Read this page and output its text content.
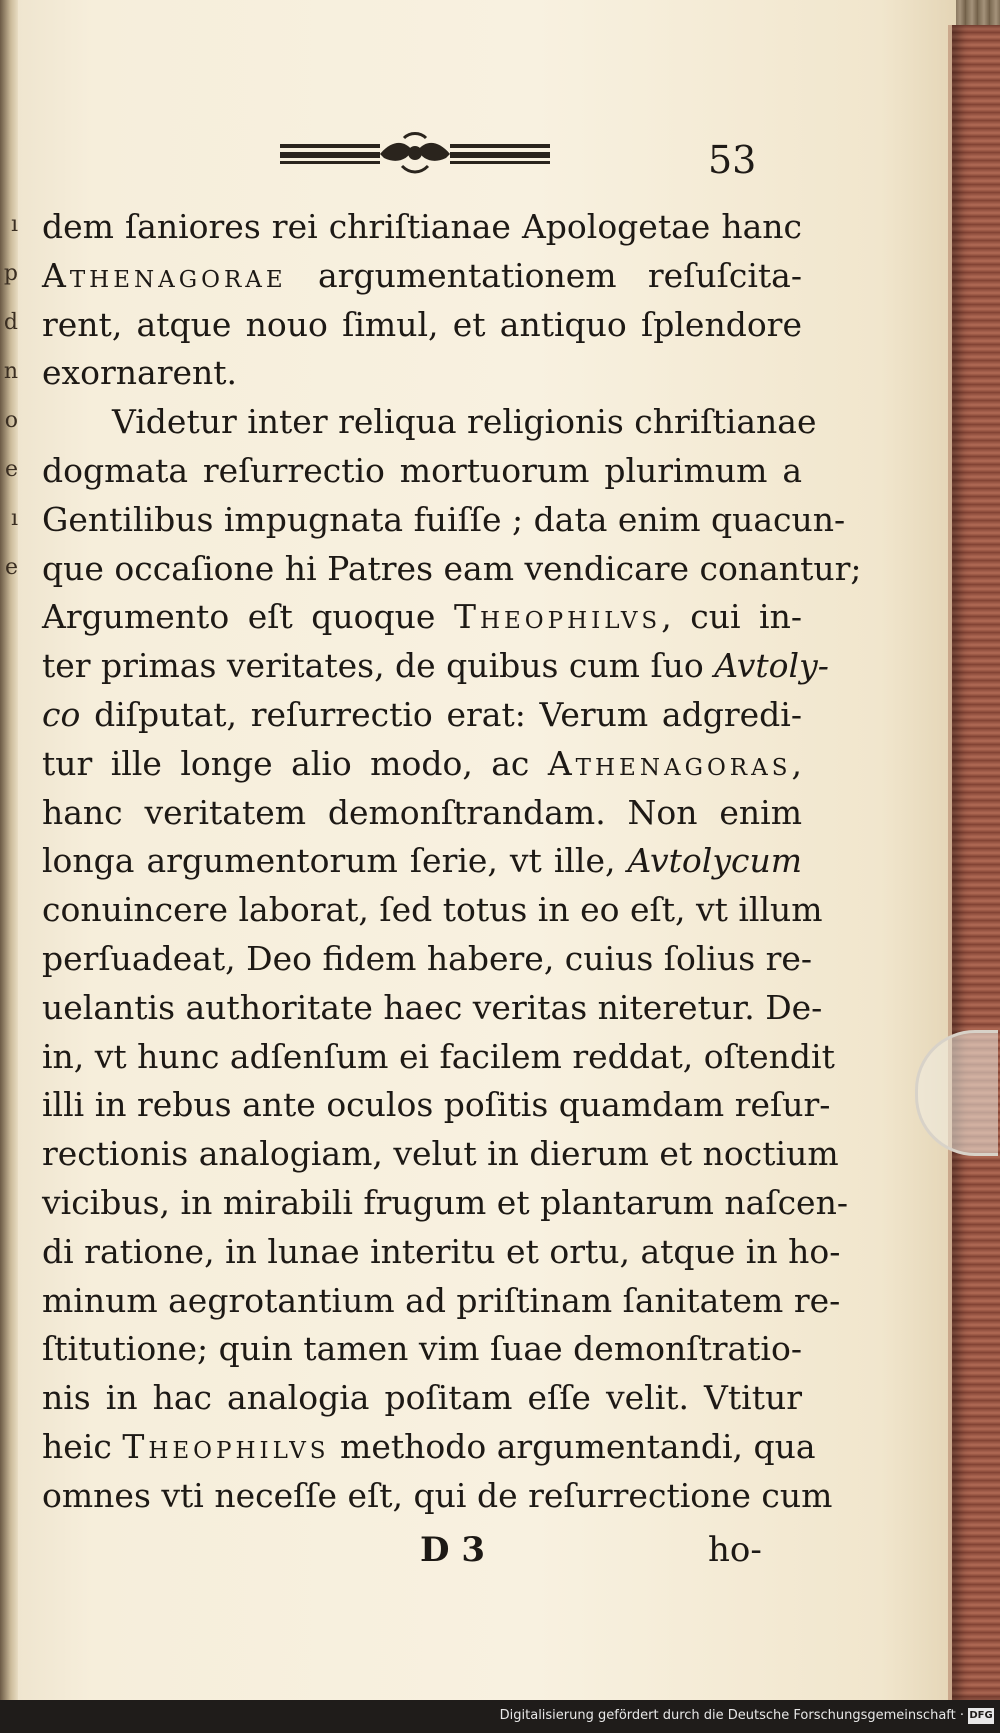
ı
p
d
n
o
e
ı
e
53
dem ſaniores rei chriſtianae Apologetae hanc
Athenagorae argumentationem reſuſcita-
rent, atque nouo ſimul, et antiquo ſplendore
exornarent.
Videtur inter reliqua religionis chriſtianae
dogmata reſurrectio mortuorum plurimum a
Gentilibus impugnata fuiſſe ; data enim quacun-
que occaſione hi Patres eam vendicare conantur;
Argumento eſt quoque Theophilvs, cui in-
ter primas veritates, de quibus cum ſuo Avtoly-
co diſputat, reſurrectio erat: Verum adgredi-
tur ille longe alio modo, ac Athenagoras,
hanc veritatem demonſtrandam. Non enim
longa argumentorum ſerie, vt ille, Avtolycum
conuincere laborat, ſed totus in eo eſt, vt illum
perſuadeat, Deo fidem habere, cuius ſolius re-
uelantis authoritate haec veritas niteretur. De-
in, vt hunc adſenſum ei facilem reddat, oſtendit
illi in rebus ante oculos poſitis quamdam reſur-
rectionis analogiam, velut in dierum et noctium
vicibus, in mirabili frugum et plantarum naſcen-
di ratione, in lunae interitu et ortu, atque in ho-
minum aegrotantium ad priſtinam ſanitatem re-
ſtitutione; quin tamen vim ſuae demonſtratio-
nis in hac analogia poſitam eſſe velit. Vtitur
heic Theophilvs methodo argumentandi, qua
omnes vti neceſſe eſt, qui de reſurrectione cum
D 3	ho-
Digitalisierung gefördert durch die Deutsche Forschungsgemeinschaft · DFG
